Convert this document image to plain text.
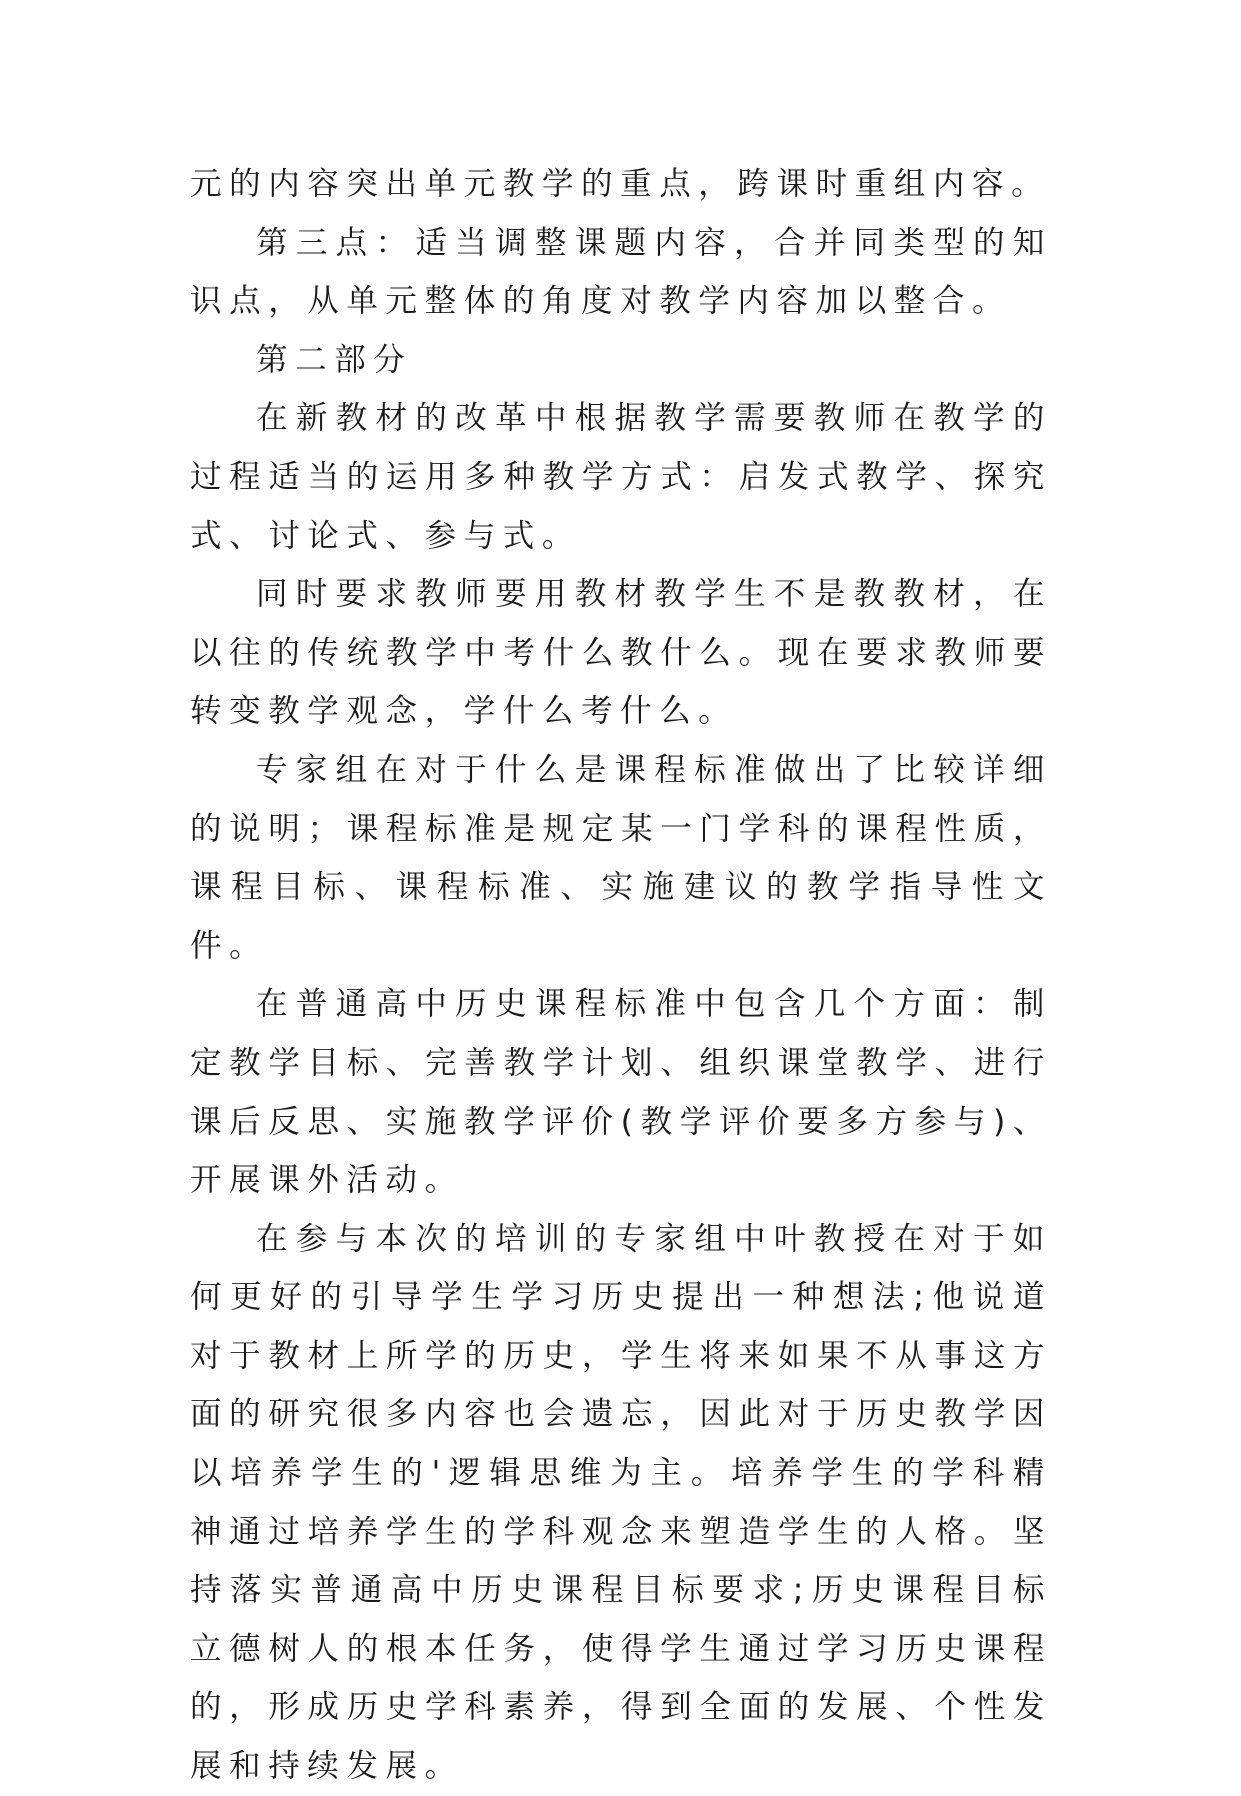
元的内容突出单元教学的重点，跨课时重组内容。

第三点：适当调整课题内容，合并同类型的知识点，从单元整体的角度对教学内容加以整合。

第二部分

在新教材的改革中根据教学需要教师在教学的过程适当的运用多种教学方式：启发式教学、探究式、讨论式、参与式。

同时要求教师要用教材教学生不是教教材，在以往的传统教学中考什么教什么。现在要求教师要转变教学观念，学什么考什么。

专家组在对于什么是课程标准做出了比较详细的说明；课程标准是规定某一门学科的课程性质，课程目标、课程标准、实施建议的教学指导性文件。

在普通高中历史课程标准中包含几个方面：制定教学目标、完善教学计划、组织课堂教学、进行课后反思、实施教学评价(教学评价要多方参与)、开展课外活动。

在参与本次的培训的专家组中叶教授在对于如何更好的引导学生学习历史提出一种想法;他说道对于教材上所学的历史，学生将来如果不从事这方面的研究很多内容也会遗忘，因此对于历史教学因以培养学生的'逻辑思维为主。培养学生的学科精神通过培养学生的学科观念来塑造学生的人格。坚持落实普通高中历史课程目标要求;历史课程目标立德树人的根本任务，使得学生通过学习历史课程的，形成历史学科素养，得到全面的发展、个性发展和持续发展。
